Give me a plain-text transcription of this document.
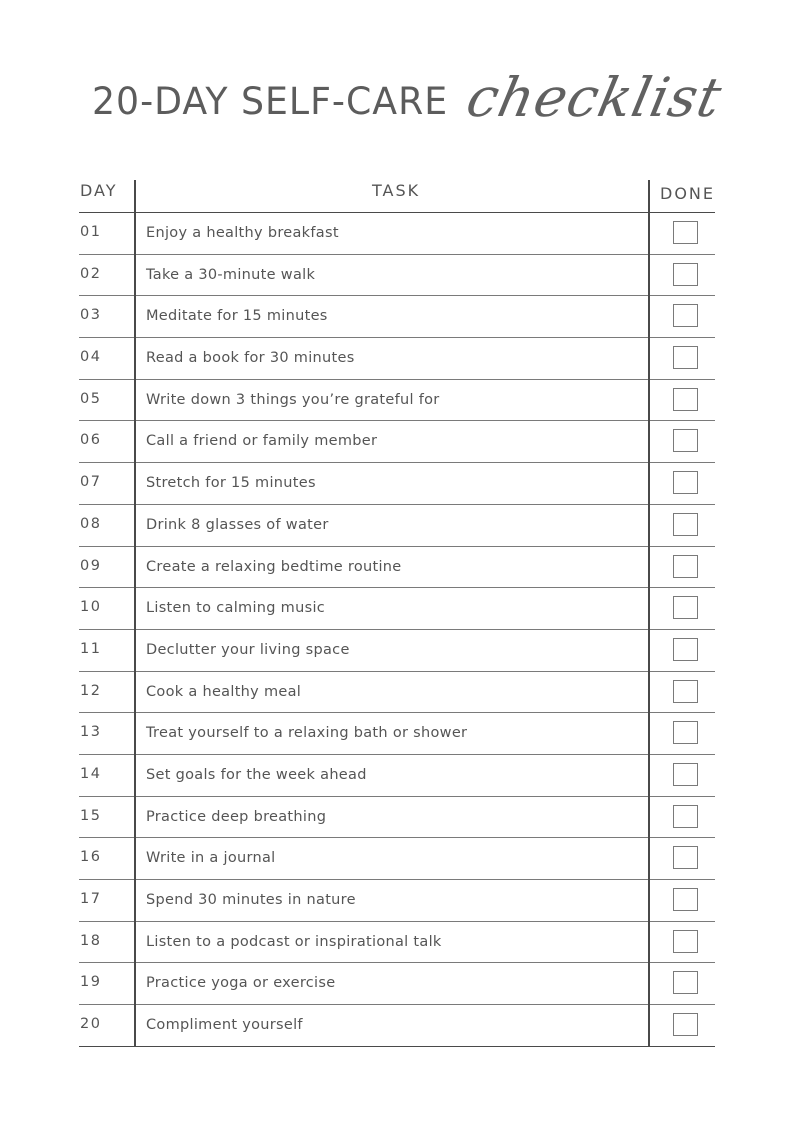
20-DAY SELF-CARE checklist
DAY	TASK	DONE
01	Enjoy a healthy breakfast
02	Take a 30-minute walk
03	Meditate for 15 minutes
04	Read a book for 30 minutes
05	Write down 3 things you’re grateful for
06	Call a friend or family member
07	Stretch for 15 minutes
08	Drink 8 glasses of water
09	Create a relaxing bedtime routine
10	Listen to calming music
11	Declutter your living space
12	Cook a healthy meal
13	Treat yourself to a relaxing bath or shower
14	Set goals for the week ahead
15	Practice deep breathing
16	Write in a journal
17	Spend 30 minutes in nature
18	Listen to a podcast or inspirational talk
19	Practice yoga or exercise
20	Compliment yourself
